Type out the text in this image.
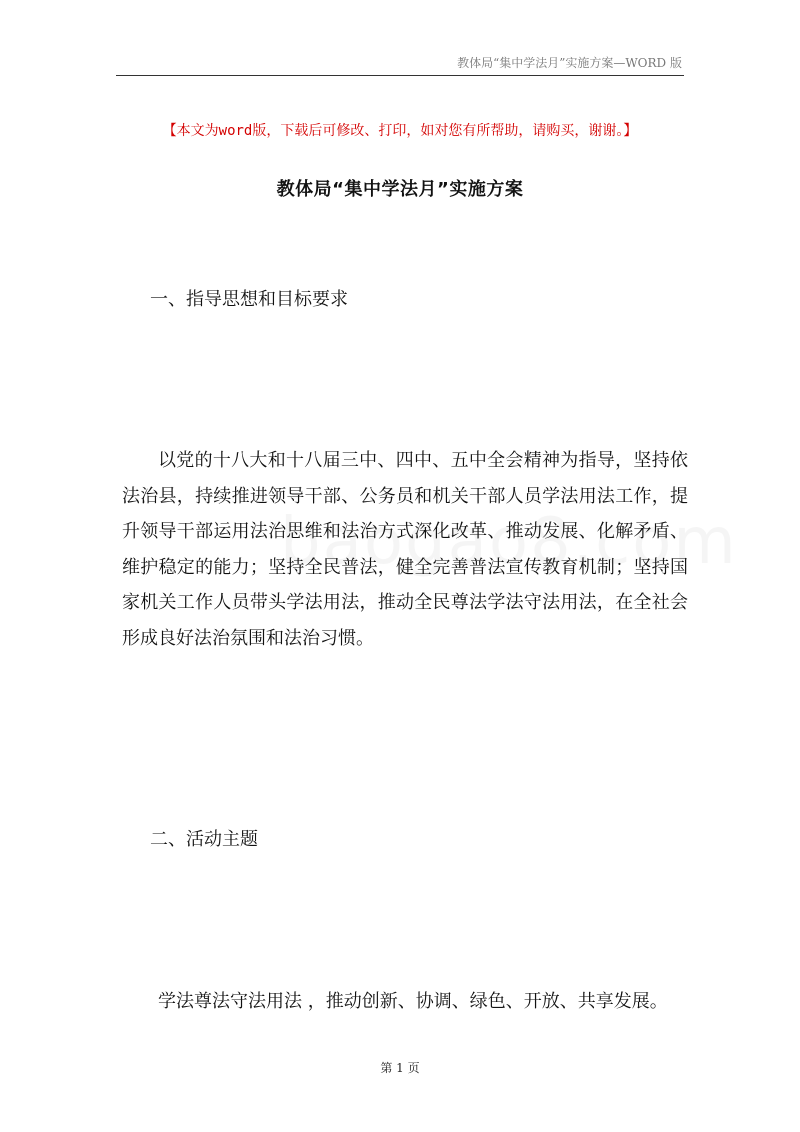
教体局“集中学法月”实施方案—WORD 版
【本文为word版，下载后可修改、打印，如对您有所帮助，请购买，谢谢。】
教体局“集中学法月”实施方案
一、指导思想和目标要求
以党的十八大和十八届三中、四中、五中全会精神为指导，坚持依法治县，持续推进领导干部、公务员和机关干部人员学法用法工作，提升领导干部运用法治思维和法治方式深化改革、推动发展、化解矛盾、维护稳定的能力；坚持全民普法，健全完善普法宣传教育机制；坚持国家机关工作人员带头学法用法，推动全民尊法学法守法用法，在全社会形成良好法治氛围和法治习惯。
二、活动主题
学法尊法守法用法 ，推动创新、协调、绿色、开放、共享发展。
第 1 页
